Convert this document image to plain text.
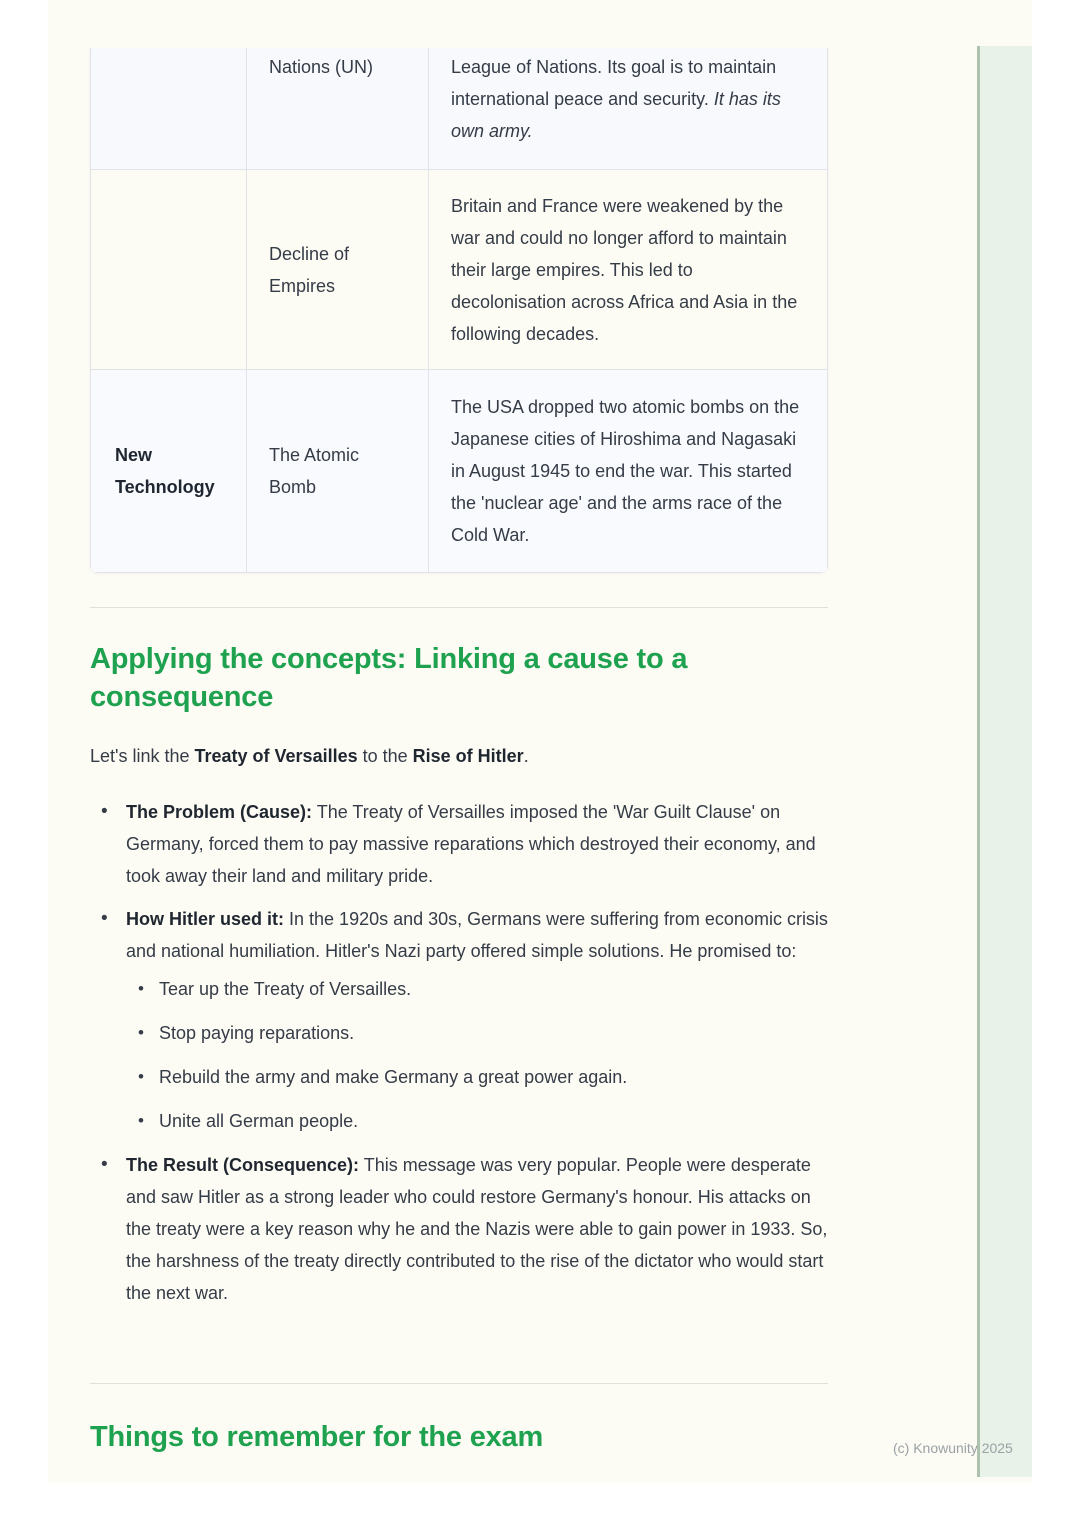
Nations (UN)	League of Nations. Its goal is to maintain international peace and security. It has its own army.
Decline of Empires
Britain and France were weakened by the war and could no longer afford to maintain their large empires. This led to decolonisation across Africa and Asia in the following decades.
New Technology
The Atomic Bomb
The USA dropped two atomic bombs on the Japanese cities of Hiroshima and Nagasaki in August 1945 to end the war. This started the 'nuclear age' and the arms race of the Cold War.
Applying the concepts: Linking a cause to a consequence

Let's link the Treaty of Versailles to the Rise of Hitler.

• The Problem (Cause): The Treaty of Versailles imposed the 'War Guilt Clause' on Germany, forced them to pay massive reparations which destroyed their economy, and took away their land and military pride.
• How Hitler used it: In the 1920s and 30s, Germans were suffering from economic crisis and national humiliation. Hitler's Nazi party offered simple solutions. He promised to:
• Tear up the Treaty of Versailles.
• Stop paying reparations.
• Rebuild the army and make Germany a great power again.
• Unite all German people.
• The Result (Consequence): This message was very popular. People were desperate and saw Hitler as a strong leader who could restore Germany's honour. His attacks on the treaty were a key reason why he and the Nazis were able to gain power in 1933. So, the harshness of the treaty directly contributed to the rise of the dictator who would start the next war.
Things to remember for the exam	(c) Knowunity 2025
